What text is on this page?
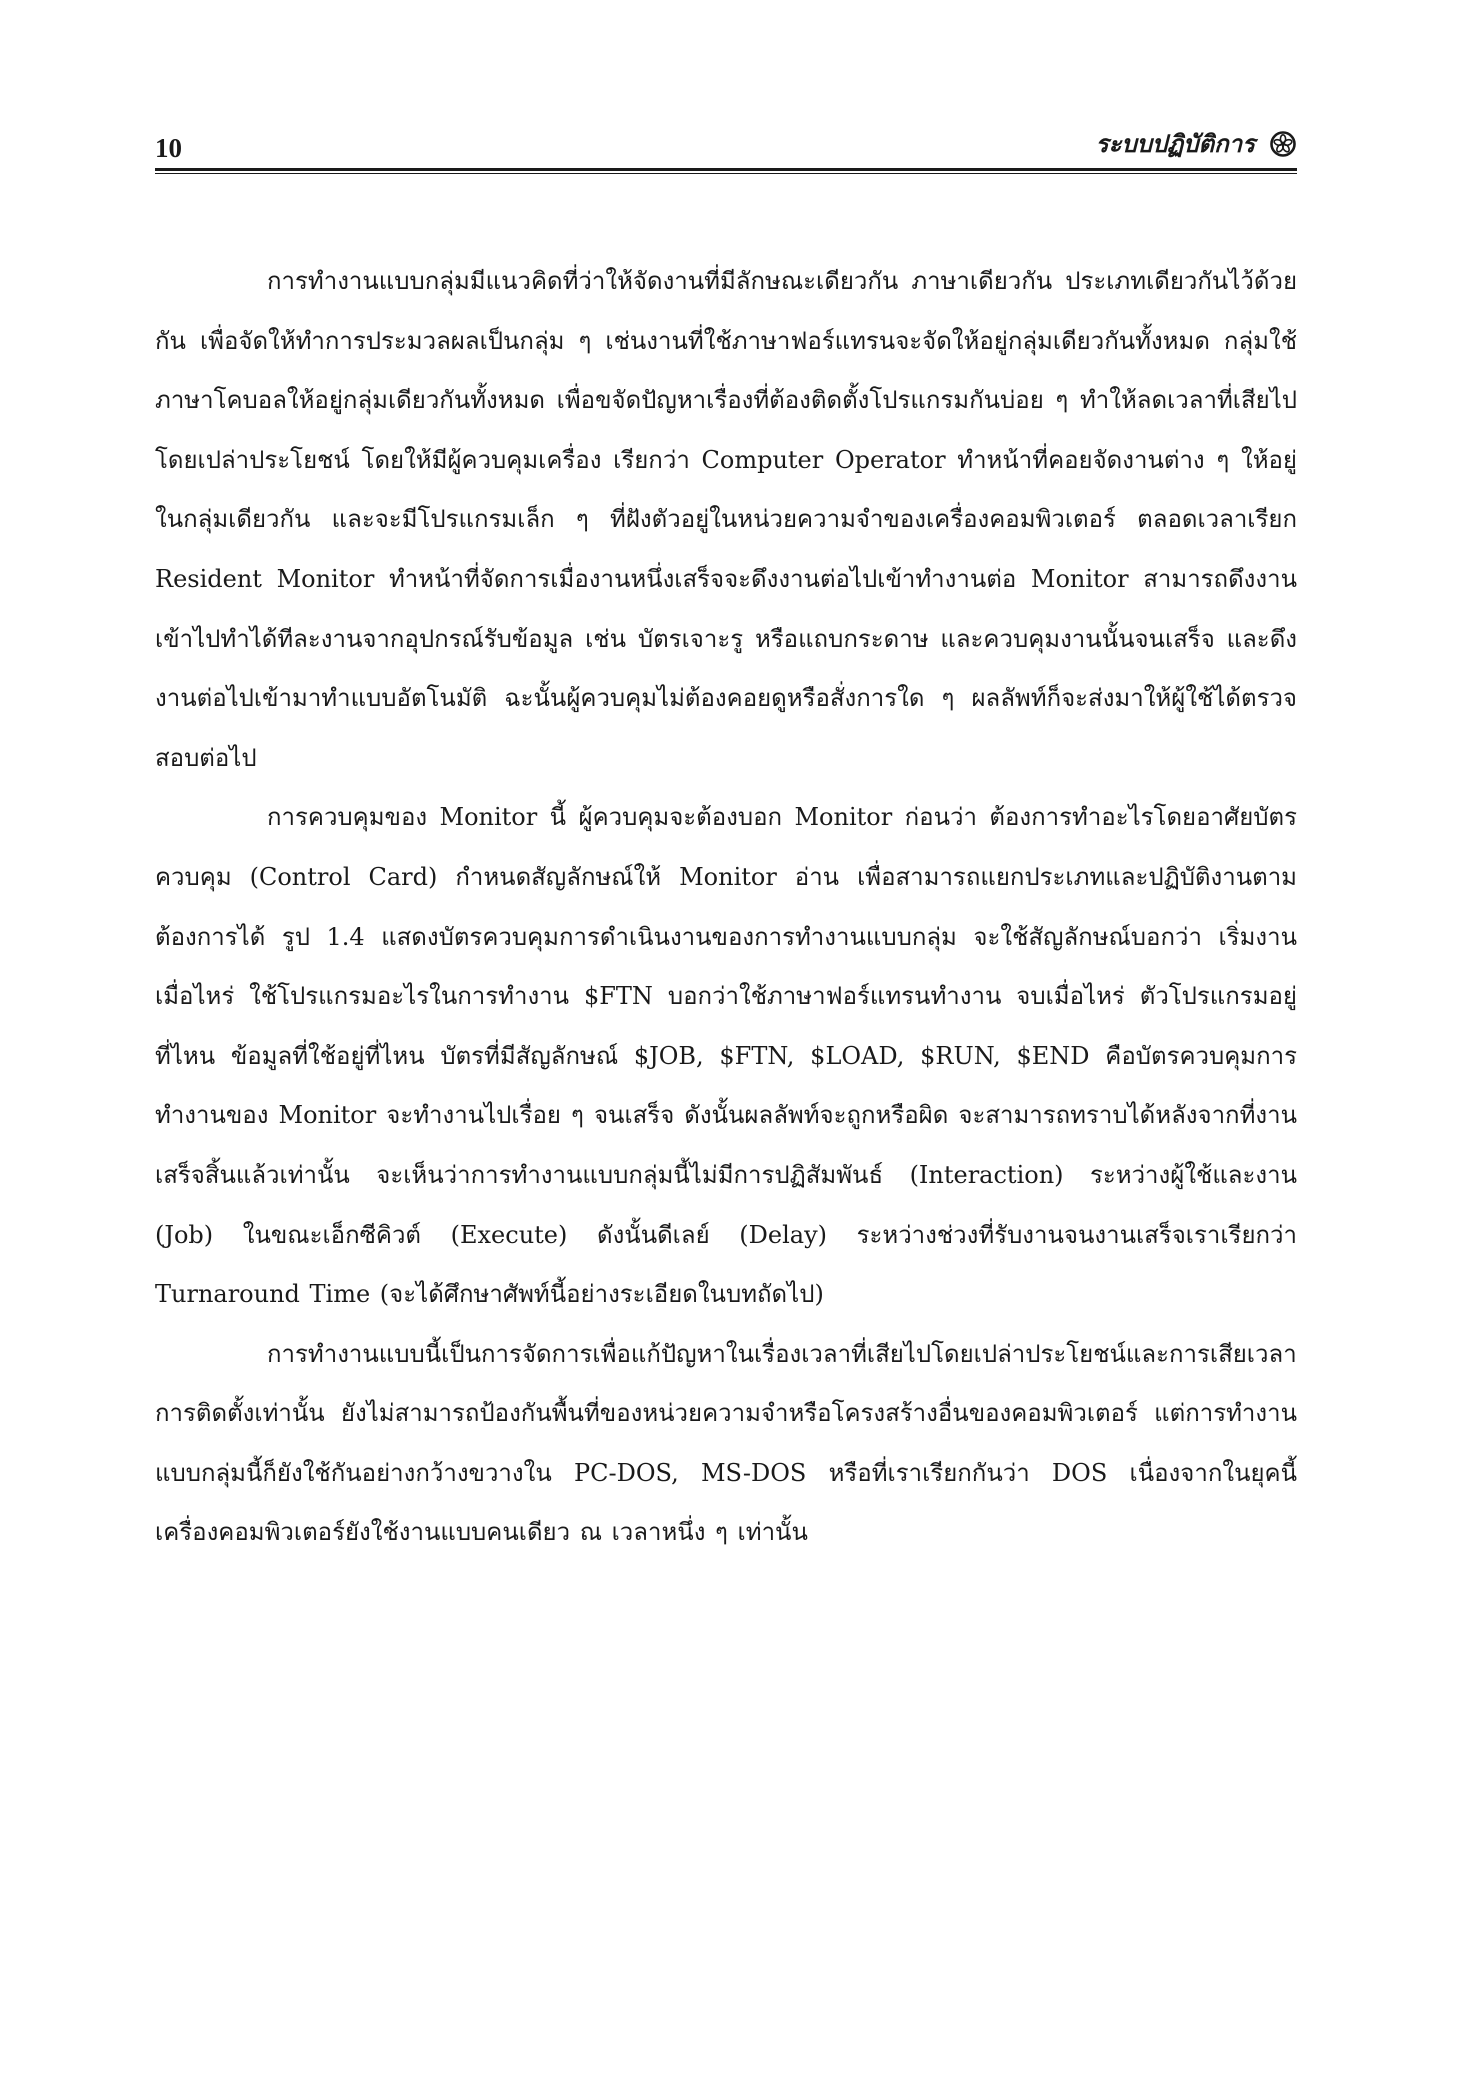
10	ระบบปฏิบัติการ

การทำงานแบบกลุ่มมีแนวคิดที่ว่าให้จัดงานที่มีลักษณะเดียวกัน ภาษาเดียวกัน ประเภทเดียวกันไว้ด้วยกัน เพื่อจัดให้ทำการประมวลผลเป็นกลุ่ม ๆ เช่นงานที่ใช้ภาษาฟอร์แทรนจะจัดให้อยู่กลุ่มเดียวกันทั้งหมด กลุ่มใช้ภาษาโคบอลให้อยู่กลุ่มเดียวกันทั้งหมด เพื่อขจัดปัญหาเรื่องที่ต้องติดตั้งโปรแกรมกันบ่อย ๆ ทำให้ลดเวลาที่เสียไปโดยเปล่าประโยชน์ โดยให้มีผู้ควบคุมเครื่อง เรียกว่า Computer Operator ทำหน้าที่คอยจัดงานต่าง ๆ ให้อยู่ในกลุ่มเดียวกัน และจะมีโปรแกรมเล็ก ๆ ที่ฝังตัวอยู่ในหน่วยความจำของเครื่องคอมพิวเตอร์ ตลอดเวลาเรียก Resident Monitor ทำหน้าที่จัดการเมื่องานหนึ่งเสร็จจะดึงงานต่อไปเข้าทำงานต่อ Monitor สามารถดึงงานเข้าไปทำได้ทีละงานจากอุปกรณ์รับข้อมูล เช่น บัตรเจาะรู หรือแถบกระดาษ และควบคุมงานนั้นจนเสร็จ และดึงงานต่อไปเข้ามาทำแบบอัตโนมัติ ฉะนั้นผู้ควบคุมไม่ต้องคอยดูหรือสั่งการใด ๆ ผลลัพท์ก็จะส่งมาให้ผู้ใช้ได้ตรวจสอบต่อไป

การควบคุมของ Monitor นี้ ผู้ควบคุมจะต้องบอก Monitor ก่อนว่า ต้องการทำอะไรโดยอาศัยบัตรควบคุม (Control Card) กำหนดสัญลักษณ์ให้ Monitor อ่าน เพื่อสามารถแยกประเภทและปฏิบัติงานตามต้องการได้ รูป 1.4 แสดงบัตรควบคุมการดำเนินงานของการทำงานแบบกลุ่ม จะใช้สัญลักษณ์บอกว่า เริ่มงานเมื่อไหร่ ใช้โปรแกรมอะไรในการทำงาน $FTN บอกว่าใช้ภาษาฟอร์แทรนทำงาน จบเมื่อไหร่ ตัวโปรแกรมอยู่ที่ไหน ข้อมูลที่ใช้อยู่ที่ไหน บัตรที่มีสัญลักษณ์ $JOB, $FTN, $LOAD, $RUN, $END คือบัตรควบคุมการทำงานของ Monitor จะทำงานไปเรื่อย ๆ จนเสร็จ ดังนั้นผลลัพท์จะถูกหรือผิด จะสามารถทราบได้หลังจากที่งานเสร็จสิ้นแล้วเท่านั้น จะเห็นว่าการทำงานแบบกลุ่มนี้ไม่มีการปฏิสัมพันธ์ (Interaction) ระหว่างผู้ใช้และงาน (Job) ในขณะเอ็กซีคิวต์ (Execute) ดังนั้นดีเลย์ (Delay) ระหว่างช่วงที่รับงานจนงานเสร็จเราเรียกว่า Turnaround Time (จะได้ศึกษาศัพท์นี้อย่างระเอียดในบทถัดไป)

การทำงานแบบนี้เป็นการจัดการเพื่อแก้ปัญหาในเรื่องเวลาที่เสียไปโดยเปล่าประโยชน์และการเสียเวลาการติดตั้งเท่านั้น ยังไม่สามารถป้องกันพื้นที่ของหน่วยความจำหรือโครงสร้างอื่นของคอมพิวเตอร์ แต่การทำงานแบบกลุ่มนี้ก็ยังใช้กันอย่างกว้างขวางใน PC-DOS, MS-DOS หรือที่เราเรียกกันว่า DOS เนื่องจากในยุคนี้เครื่องคอมพิวเตอร์ยังใช้งานแบบคนเดียว ณ เวลาหนึ่ง ๆ เท่านั้น
